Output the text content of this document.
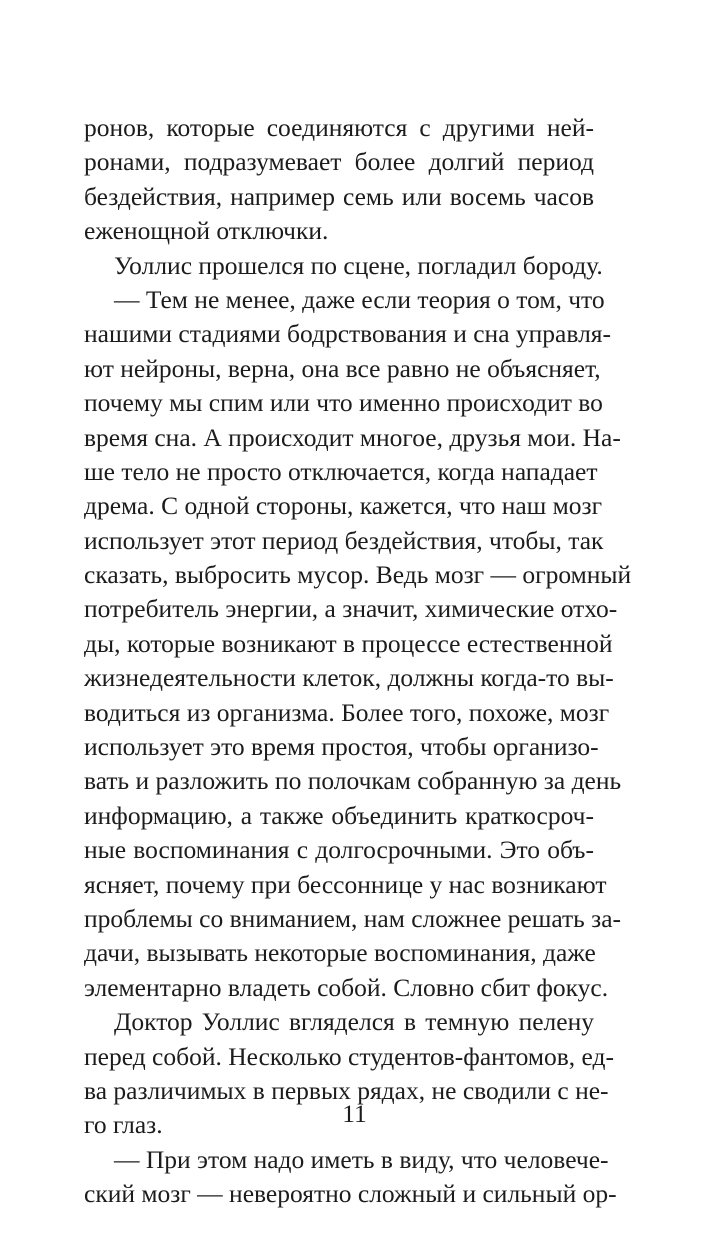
ронов, которые соединяются с другими ней-
ронами, подразумевает более долгий период
бездействия, например семь или восемь часов
еженощной отключки.
Уоллис прошелся по сцене, погладил бороду.
— Тем не менее, даже если теория о том, что
нашими стадиями бодрствования и сна управля-
ют нейроны, верна, она все равно не объясняет,
почему мы спим или что именно происходит во
время сна. А происходит многое, друзья мои. На-
ше тело не просто отключается, когда нападает
дрема. С одной стороны, кажется, что наш мозг
использует этот период бездействия, чтобы, так
сказать, выбросить мусор. Ведь мозг — огромный
потребитель энергии, а значит, химические отхо-
ды, которые возникают в процессе естественной
жизнедеятельности клеток, должны когда-то вы-
водиться из организма. Более того, похоже, мозг
использует это время простоя, чтобы организо-
вать и разложить по полочкам собранную за день
информацию, а также объединить краткосроч-
ные воспоминания с долгосрочными. Это объ-
ясняет, почему при бессоннице у нас возникают
проблемы со вниманием, нам сложнее решать за-
дачи, вызывать некоторые воспоминания, даже
элементарно владеть собой. Словно сбит фокус.
Доктор Уоллис вгляделся в темную пелену
перед собой. Несколько студентов-фантомов, ед-
ва различимых в первых рядах, не сводили с не-
го глаз.
— При этом надо иметь в виду, что человече-
ский мозг — невероятно сложный и сильный ор-
11
